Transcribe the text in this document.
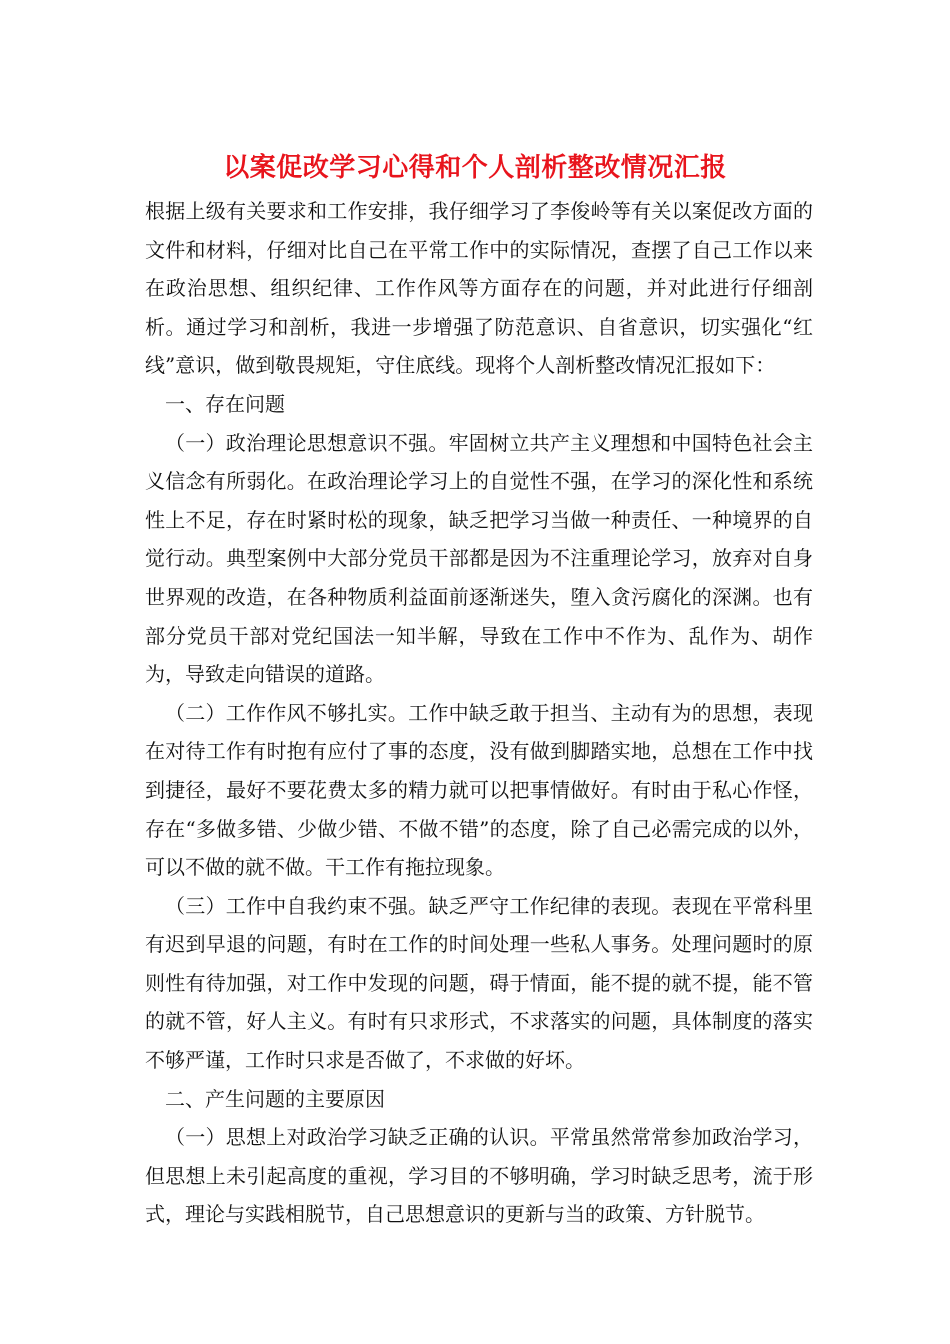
以案促改学习心得和个人剖析整改情况汇报

根据上级有关要求和工作安排，我仔细学习了李俊岭等有关以案促改方面的文件和材料，仔细对比自己在平常工作中的实际情况，查摆了自己工作以来在政治思想、组织纪律、工作作风等方面存在的问题，并对此进行仔细剖析。通过学习和剖析，我进一步增强了防范意识、自省意识，切实强化“红线”意识，做到敬畏规矩，守住底线。现将个人剖析整改情况汇报如下：

一、存在问题

（一）政治理论思想意识不强。牢固树立共产主义理想和中国特色社会主义信念有所弱化。在政治理论学习上的自觉性不强，在学习的深化性和系统性上不足，存在时紧时松的现象，缺乏把学习当做一种责任、一种境界的自觉行动。典型案例中大部分党员干部都是因为不注重理论学习，放弃对自身世界观的改造，在各种物质利益面前逐渐迷失，堕入贪污腐化的深渊。也有部分党员干部对党纪国法一知半解，导致在工作中不作为、乱作为、胡作为，导致走向错误的道路。

（二）工作作风不够扎实。工作中缺乏敢于担当、主动有为的思想，表现在对待工作有时抱有应付了事的态度，没有做到脚踏实地，总想在工作中找到捷径，最好不要花费太多的精力就可以把事情做好。有时由于私心作怪，存在“多做多错、少做少错、不做不错”的态度，除了自己必需完成的以外，可以不做的就不做。干工作有拖拉现象。

（三）工作中自我约束不强。缺乏严守工作纪律的表现。表现在平常科里有迟到早退的问题，有时在工作的时间处理一些私人事务。处理问题时的原则性有待加强，对工作中发现的问题，碍于情面，能不提的就不提，能不管的就不管，好人主义。有时有只求形式，不求落实的问题，具体制度的落实不够严谨，工作时只求是否做了，不求做的好坏。

二、产生问题的主要原因

（一）思想上对政治学习缺乏正确的认识。平常虽然常常参加政治学习，但思想上未引起高度的重视，学习目的不够明确，学习时缺乏思考，流于形式，理论与实践相脱节，自己思想意识的更新与当的政策、方针脱节。
